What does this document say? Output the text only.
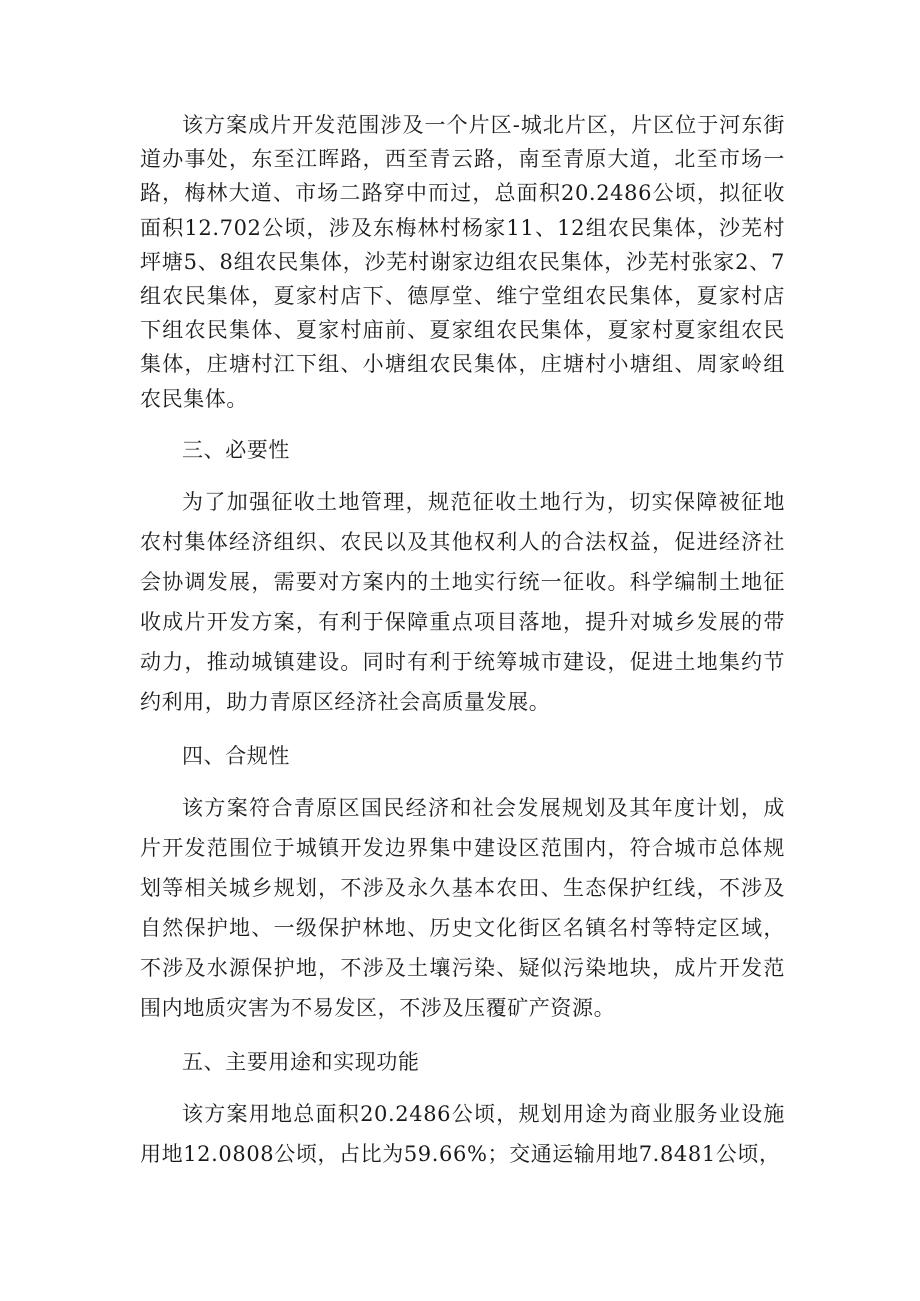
该方案成片开发范围涉及一个片区-城北片区，片区位于河东街道办事处，东至江晖路，西至青云路，南至青原大道，北至市场一路，梅林大道、市场二路穿中而过，总面积20.2486公顷，拟征收面积12.702公顷，涉及东梅林村杨家11、12组农民集体，沙芜村坪塘5、8组农民集体，沙芜村谢家边组农民集体，沙芜村张家2、7组农民集体，夏家村店下、德厚堂、维宁堂组农民集体，夏家村店下组农民集体、夏家村庙前、夏家组农民集体，夏家村夏家组农民集体，庄塘村江下组、小塘组农民集体，庄塘村小塘组、周家岭组农民集体。

三、必要性

为了加强征收土地管理，规范征收土地行为，切实保障被征地农村集体经济组织、农民以及其他权利人的合法权益，促进经济社会协调发展，需要对方案内的土地实行统一征收。科学编制土地征收成片开发方案，有利于保障重点项目落地，提升对城乡发展的带动力，推动城镇建设。同时有利于统筹城市建设，促进土地集约节约利用，助力青原区经济社会高质量发展。

四、合规性

该方案符合青原区国民经济和社会发展规划及其年度计划，成片开发范围位于城镇开发边界集中建设区范围内，符合城市总体规划等相关城乡规划，不涉及永久基本农田、生态保护红线，不涉及自然保护地、一级保护林地、历史文化街区名镇名村等特定区域，不涉及水源保护地，不涉及土壤污染、疑似污染地块，成片开发范围内地质灾害为不易发区，不涉及压覆矿产资源。

五、主要用途和实现功能

该方案用地总面积20.2486公顷，规划用途为商业服务业设施用地12.0808公顷，占比为59.66%；交通运输用地7.8481公顷，
